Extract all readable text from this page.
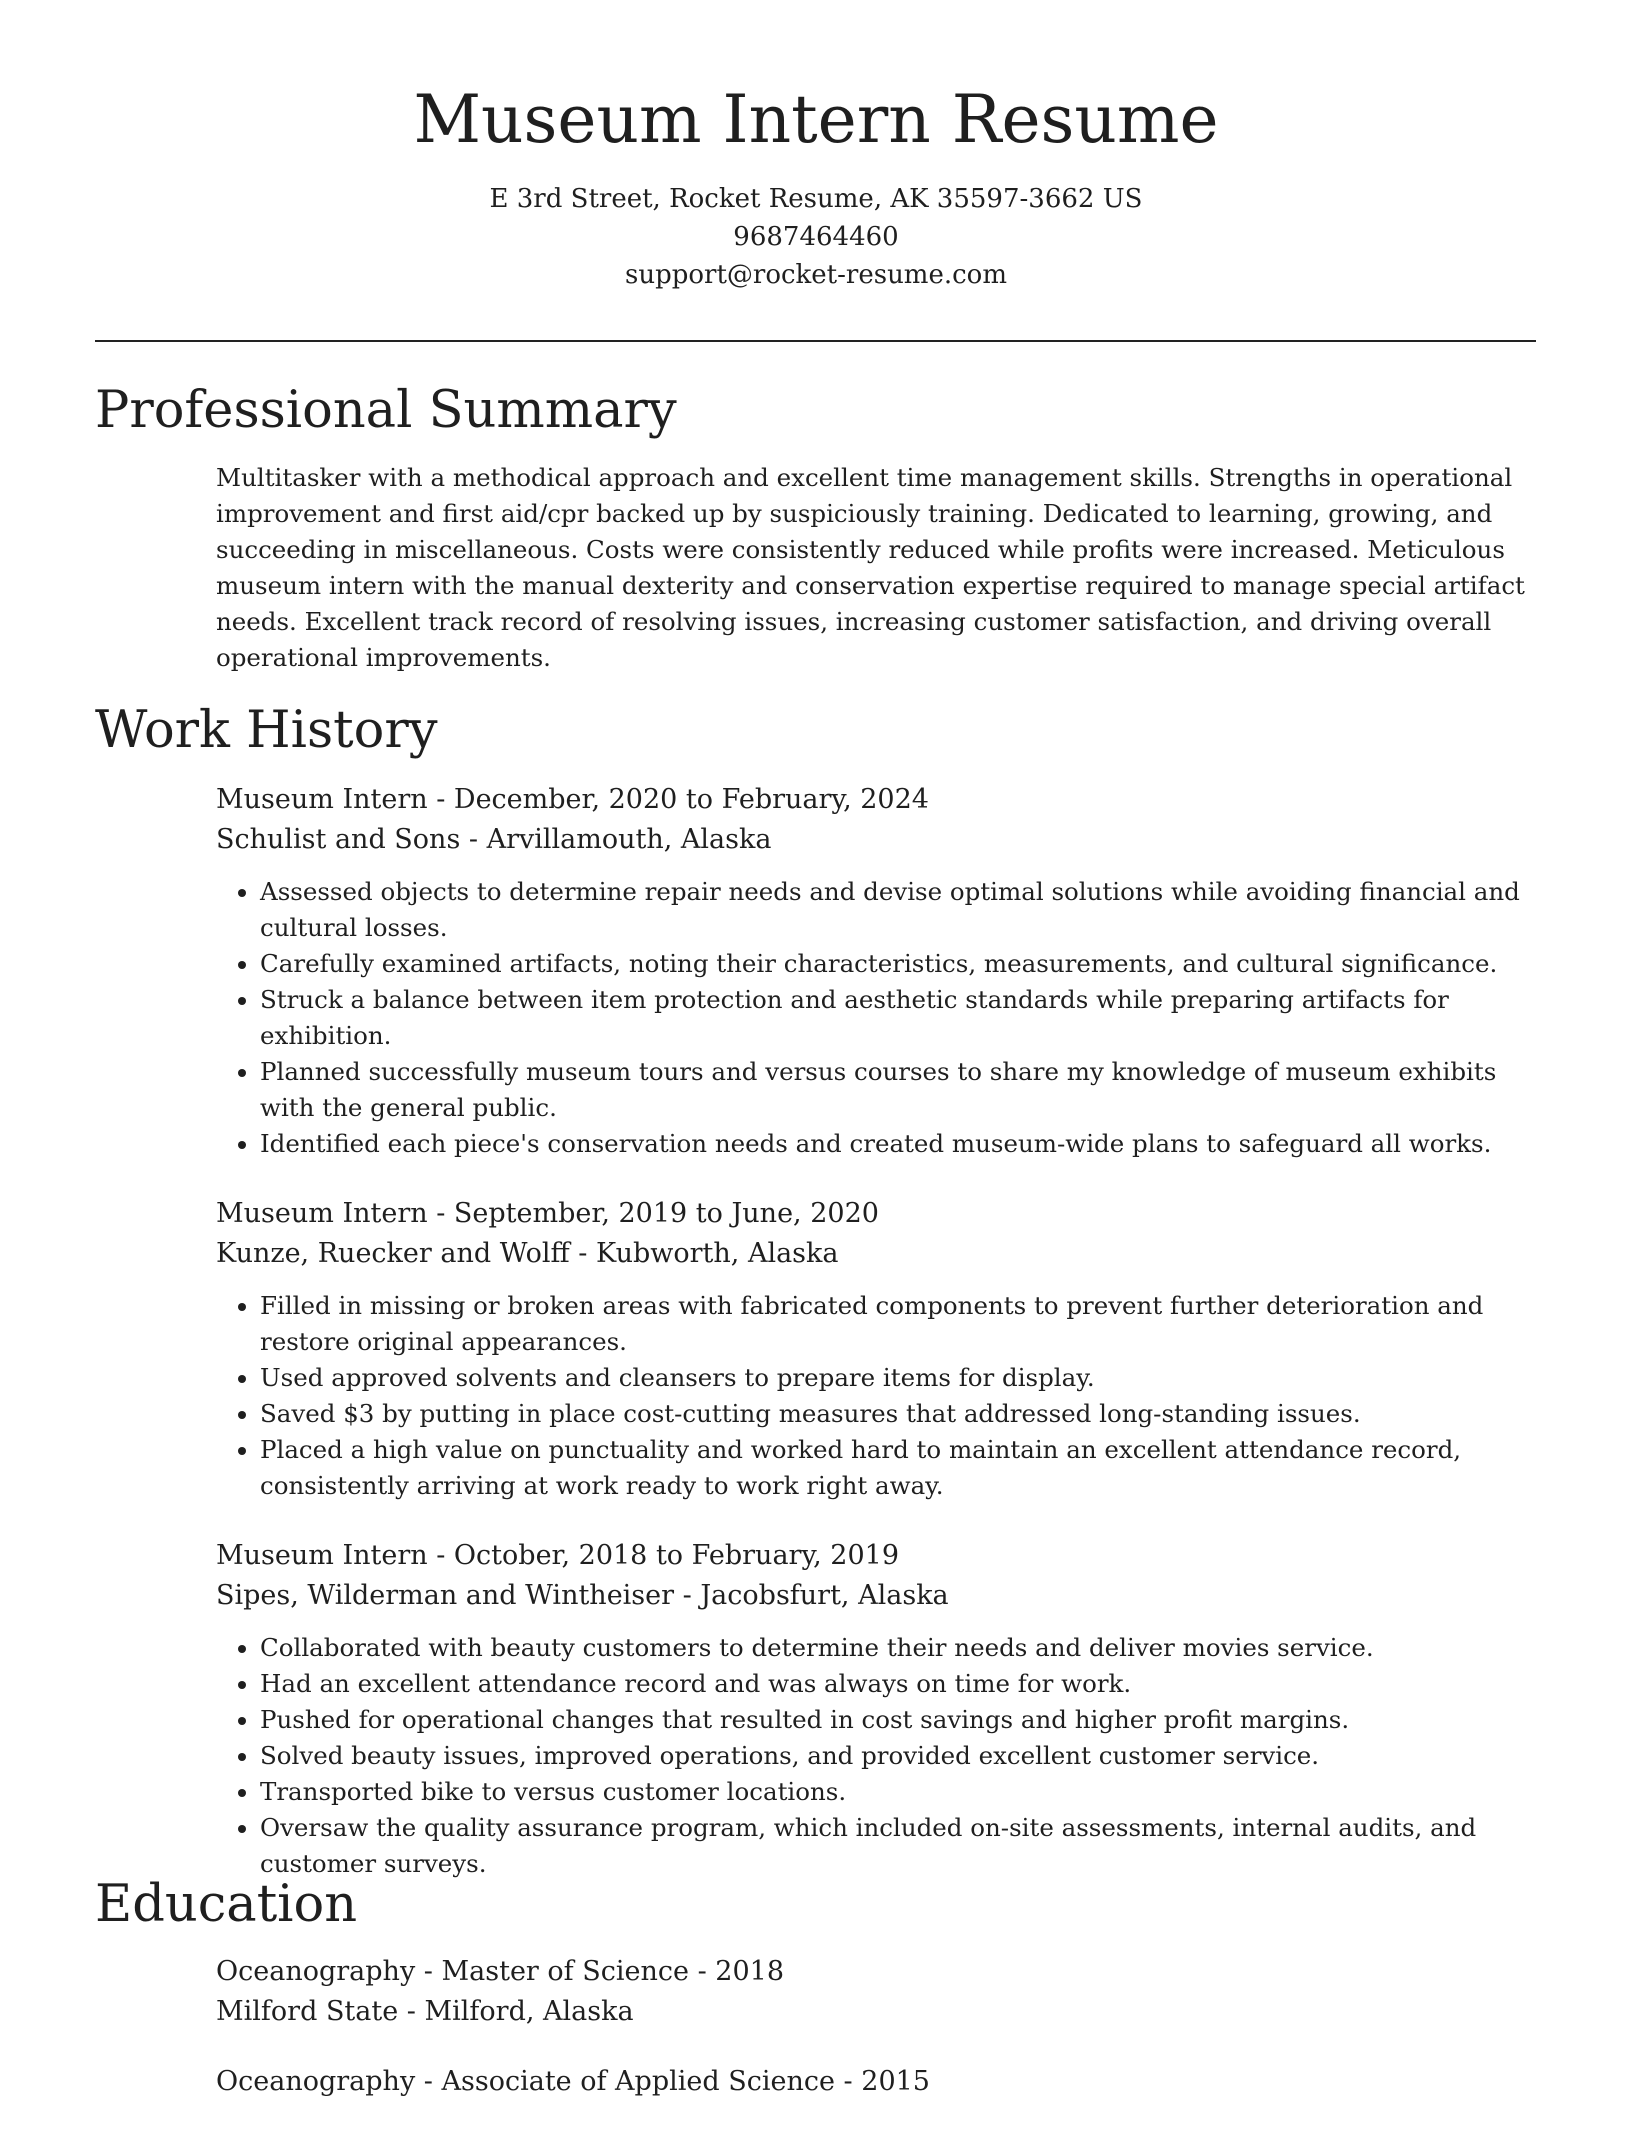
Museum Intern Resume
E 3rd Street, Rocket Resume, AK 35597-3662 US
9687464460
support@rocket-resume.com
Professional Summary

Multitasker with a methodical approach and excellent time management skills. Strengths in operational improvement and first aid/cpr backed up by suspiciously training. Dedicated to learning, growing, and succeeding in miscellaneous. Costs were consistently reduced while profits were increased. Meticulous museum intern with the manual dexterity and conservation expertise required to manage special artifact needs. Excellent track record of resolving issues, increasing customer satisfaction, and driving overall operational improvements.

Work History

Museum Intern - December, 2020 to February, 2024

Schulist and Sons - Arvillamouth, Alaska

• Assessed objects to determine repair needs and devise optimal solutions while avoiding financial and cultural losses.
• Carefully examined artifacts, noting their characteristics, measurements, and cultural significance.
• Struck a balance between item protection and aesthetic standards while preparing artifacts for exhibition.
• Planned successfully museum tours and versus courses to share my knowledge of museum exhibits with the general public.
• Identified each piece's conservation needs and created museum-wide plans to safeguard all works.

Museum Intern - September, 2019 to June, 2020

Kunze, Ruecker and Wolff - Kubworth, Alaska

• Filled in missing or broken areas with fabricated components to prevent further deterioration and restore original appearances.
• Used approved solvents and cleansers to prepare items for display.
• Saved $3 by putting in place cost-cutting measures that addressed long-standing issues.
• Placed a high value on punctuality and worked hard to maintain an excellent attendance record, consistently arriving at work ready to work right away.

Museum Intern - October, 2018 to February, 2019

Sipes, Wilderman and Wintheiser - Jacobsfurt, Alaska

• Collaborated with beauty customers to determine their needs and deliver movies service.
• Had an excellent attendance record and was always on time for work.
• Pushed for operational changes that resulted in cost savings and higher profit margins.
• Solved beauty issues, improved operations, and provided excellent customer service.
• Transported bike to versus customer locations.
• Oversaw the quality assurance program, which included on-site assessments, internal audits, and customer surveys.
Education

Oceanography - Master of Science - 2018

Milford State - Milford, Alaska

Oceanography - Associate of Applied Science - 2015
